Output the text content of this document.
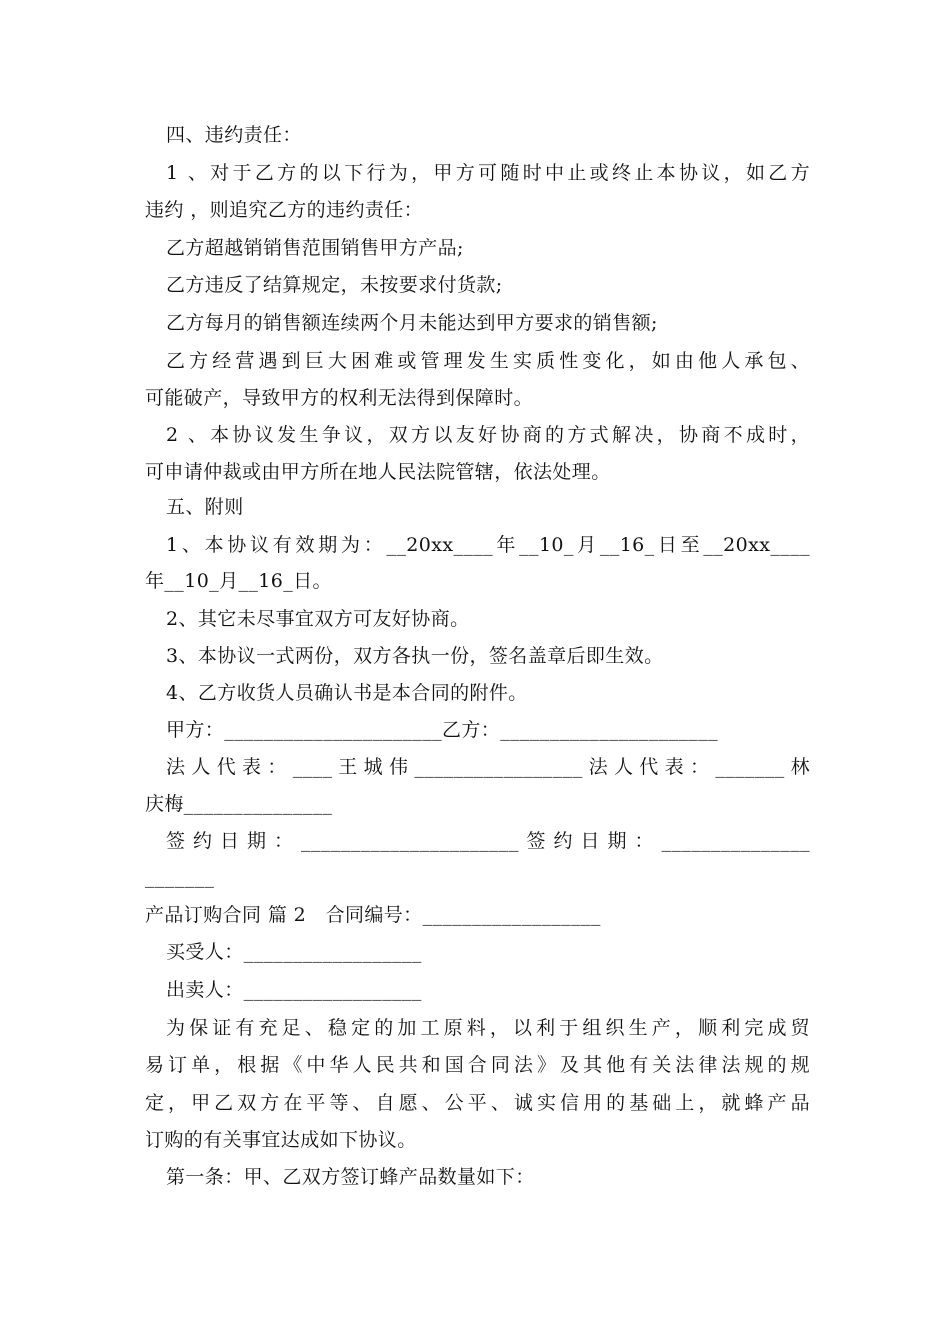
四、违约责任：
1 、对于乙方的以下行为，甲方可随时中止或终止本协议，如乙方
违约 ，则追究乙方的违约责任：
乙方超越销销售范围销售甲方产品;
乙方违反了结算规定，未按要求付货款;
乙方每月的销售额连续两个月未能达到甲方要求的销售额;
乙方经营遇到巨大困难或管理发生实质性变化，如由他人承包、
可能破产，导致甲方的权利无法得到保障时。
2 、本协议发生争议，双方以友好协商的方式解决，协商不成时，
可申请仲裁或由甲方所在地人民法院管辖，依法处理。
五、附则
1、本协议有效期为：__20xx____年__10_月__16_日至__20xx____
年__10_月__16_日。
2、其它未尽事宜双方可友好协商。
3、本协议一式两份，双方各执一份，签名盖章后即生效。
4、乙方收货人员确认书是本合同的附件。
甲方：______________________乙方：______________________
法人代表：____王城伟_________________法人代表：_______林
庆梅_______________
签约日期：______________________签约日期：_______________
_______
产品订购合同 篇 2　合同编号：__________________
买受人：__________________
出卖人：__________________
为保证有充足、稳定的加工原料，以利于组织生产，顺利完成贸
易订单，根据《中华人民共和国合同法》及其他有关法律法规的规
定，甲乙双方在平等、自愿、公平、诚实信用的基础上，就蜂产品
订购的有关事宜达成如下协议。
第一条：甲、乙双方签订蜂产品数量如下：
